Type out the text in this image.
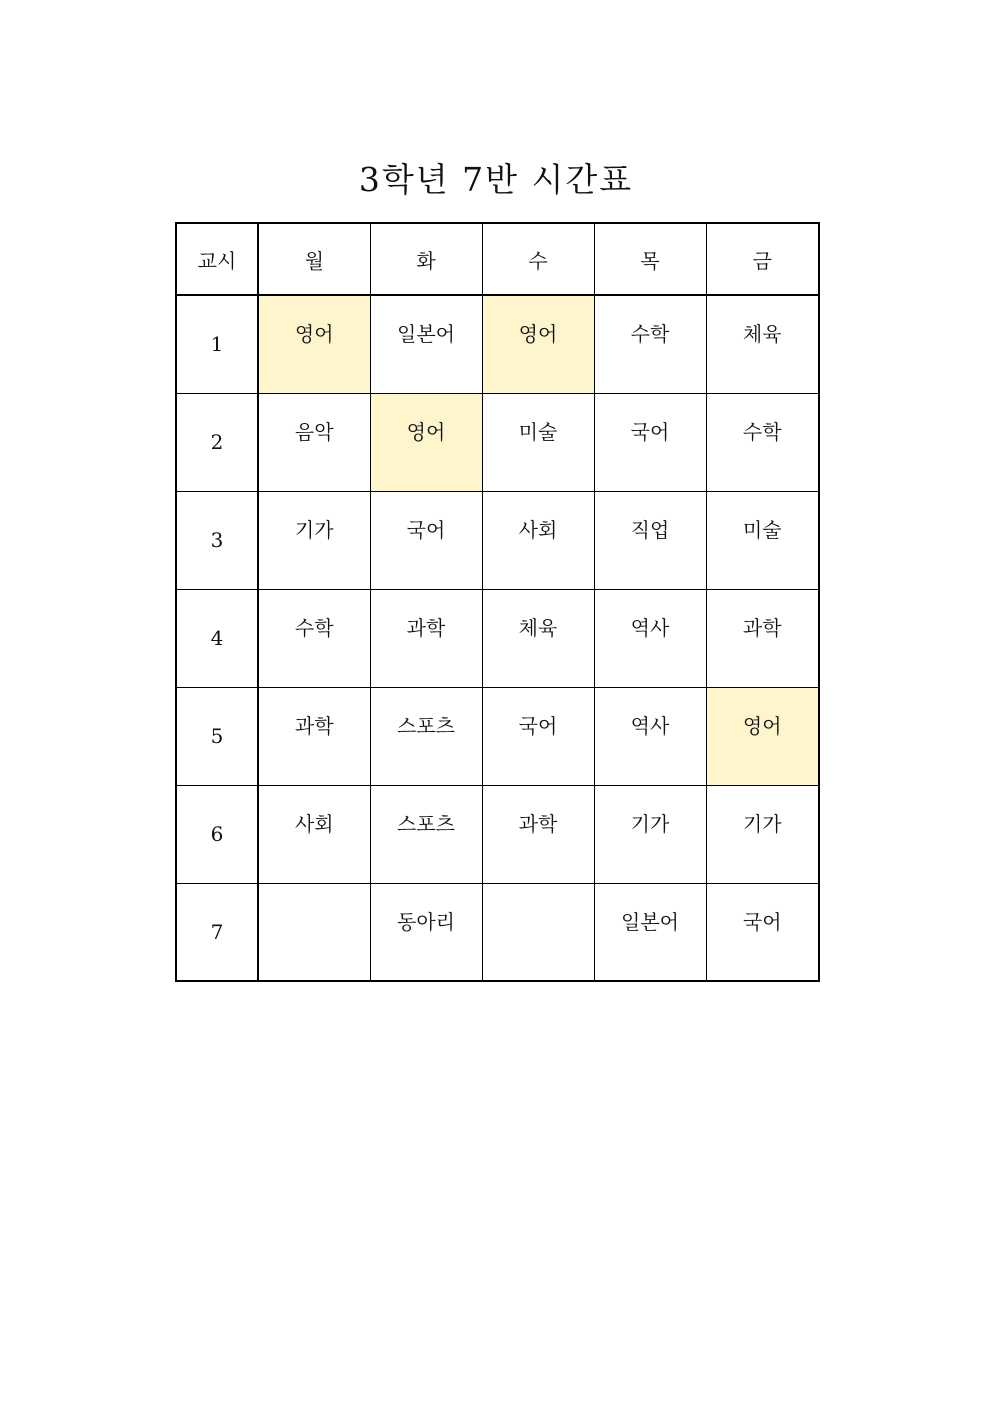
3학년 7반 시간표
교시	월	화	수	목	금
1	영어	일본어	영어	수학	체육
2	음악	영어	미술	국어	수학
3	기가	국어	사회	직업	미술
4	수학	과학	체육	역사	과학
5	과학	스포츠	국어	역사	영어
6	사회	스포츠	과학	기가	기가
7		동아리		일본어	국어
